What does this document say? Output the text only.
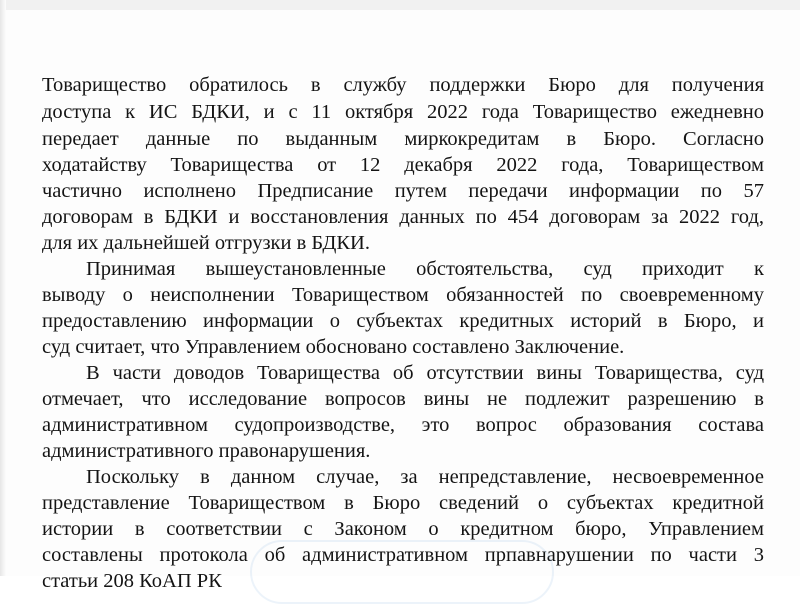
Товарищество обратилось в службу поддержки Бюро для получения
доступа к ИС БДКИ, и с 11 октября 2022 года Товарищество ежедневно
передает данные по выданным миркокредитам в Бюро. Согласно
ходатайству Товарищества от 12 декабря 2022 года, Товариществом
частично исполнено Предписание путем передачи информации по 57
договорам в БДКИ и восстановления данных по 454 договорам за 2022 год,
для их дальнейшей отгрузки в БДКИ.
Принимая вышеустановленные обстоятельства, суд приходит к
выводу о неисполнении Товариществом обязанностей по своевременному
предоставлению информации о субъектах кредитных историй в Бюро, и
суд считает, что Управлением обосновано составлено Заключение.
В части доводов Товарищества об отсутствии вины Товарищества, суд
отмечает, что исследование вопросов вины не подлежит разрешению в
административном судопроизводстве, это вопрос образования состава
административного правонарушения.
Поскольку в данном случае, за непредставление, несвоевременное
представление Товариществом в Бюро сведений о субъектах кредитной
истории в соответствии с Законом о кредитном бюро, Управлением
составлены протокола об административном прпавнарушении по части 3
статьи 208 КоАП РК
